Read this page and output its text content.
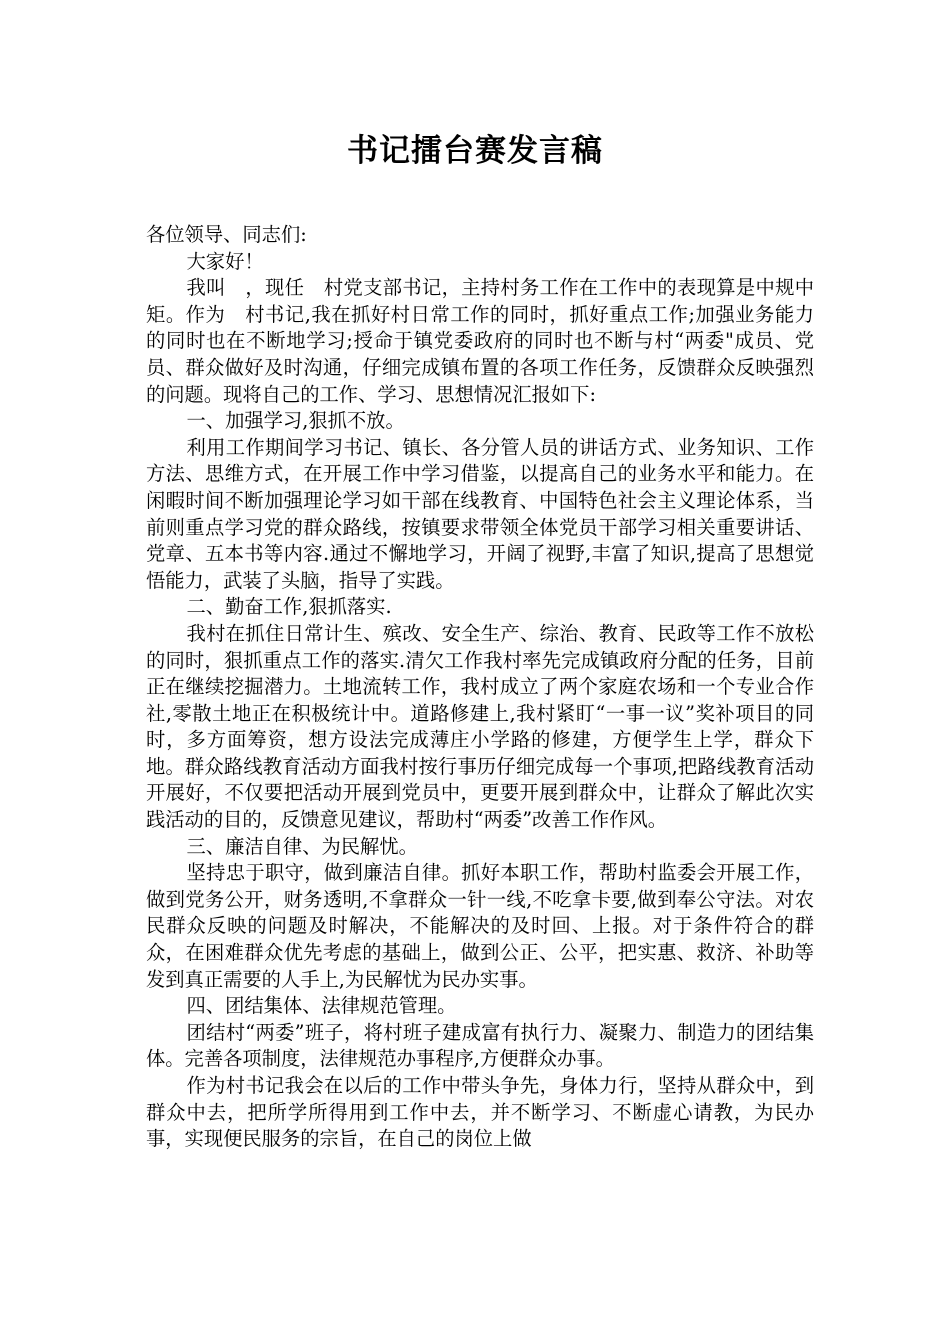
书记擂台赛发言稿

各位领导、同志们:

大家好！

我叫　，现任　村党支部书记，主持村务工作在工作中的表现算是中规中矩。作为　村书记,我在抓好村日常工作的同时，抓好重点工作;加强业务能力的同时也在不断地学习;授命于镇党委政府的同时也不断与村“两委"成员、党员、群众做好及时沟通，仔细完成镇布置的各项工作任务，反馈群众反映强烈的问题。现将自己的工作、学习、思想情况汇报如下:

一、加强学习,狠抓不放。

利用工作期间学习书记、镇长、各分管人员的讲话方式、业务知识、工作方法、思维方式，在开展工作中学习借鉴，以提高自己的业务水平和能力。在闲暇时间不断加强理论学习如干部在线教育、中国特色社会主义理论体系，当前则重点学习党的群众路线，按镇要求带领全体党员干部学习相关重要讲话、党章、五本书等内容.通过不懈地学习，开阔了视野,丰富了知识,提高了思想觉悟能力，武装了头脑，指导了实践。

二、勤奋工作,狠抓落实.

我村在抓住日常计生、殡改、安全生产、综治、教育、民政等工作不放松的同时，狠抓重点工作的落实.清欠工作我村率先完成镇政府分配的任务，目前正在继续挖掘潜力。土地流转工作，我村成立了两个家庭农场和一个专业合作社,零散土地正在积极统计中。道路修建上,我村紧盯“一事一议”奖补项目的同时，多方面筹资，想方设法完成薄庄小学路的修建，方便学生上学，群众下地。群众路线教育活动方面我村按行事历仔细完成每一个事项,把路线教育活动开展好，不仅要把活动开展到党员中，更要开展到群众中，让群众了解此次实践活动的目的，反馈意见建议，帮助村“两委”改善工作作风。

三、廉洁自律、为民解忧。

坚持忠于职守，做到廉洁自律。抓好本职工作，帮助村监委会开展工作，做到党务公开，财务透明,不拿群众一针一线,不吃拿卡要,做到奉公守法。对农民群众反映的问题及时解决，不能解决的及时回、上报。对于条件符合的群众，在困难群众优先考虑的基础上，做到公正、公平，把实惠、救济、补助等发到真正需要的人手上,为民解忧为民办实事。

四、团结集体、法律规范管理。

团结村“两委”班子，将村班子建成富有执行力、凝聚力、制造力的团结集体。完善各项制度，法律规范办事程序,方便群众办事。

作为村书记我会在以后的工作中带头争先，身体力行，坚持从群众中，到群众中去，把所学所得用到工作中去，并不断学习、不断虚心请教，为民办事，实现便民服务的宗旨，在自己的岗位上做
